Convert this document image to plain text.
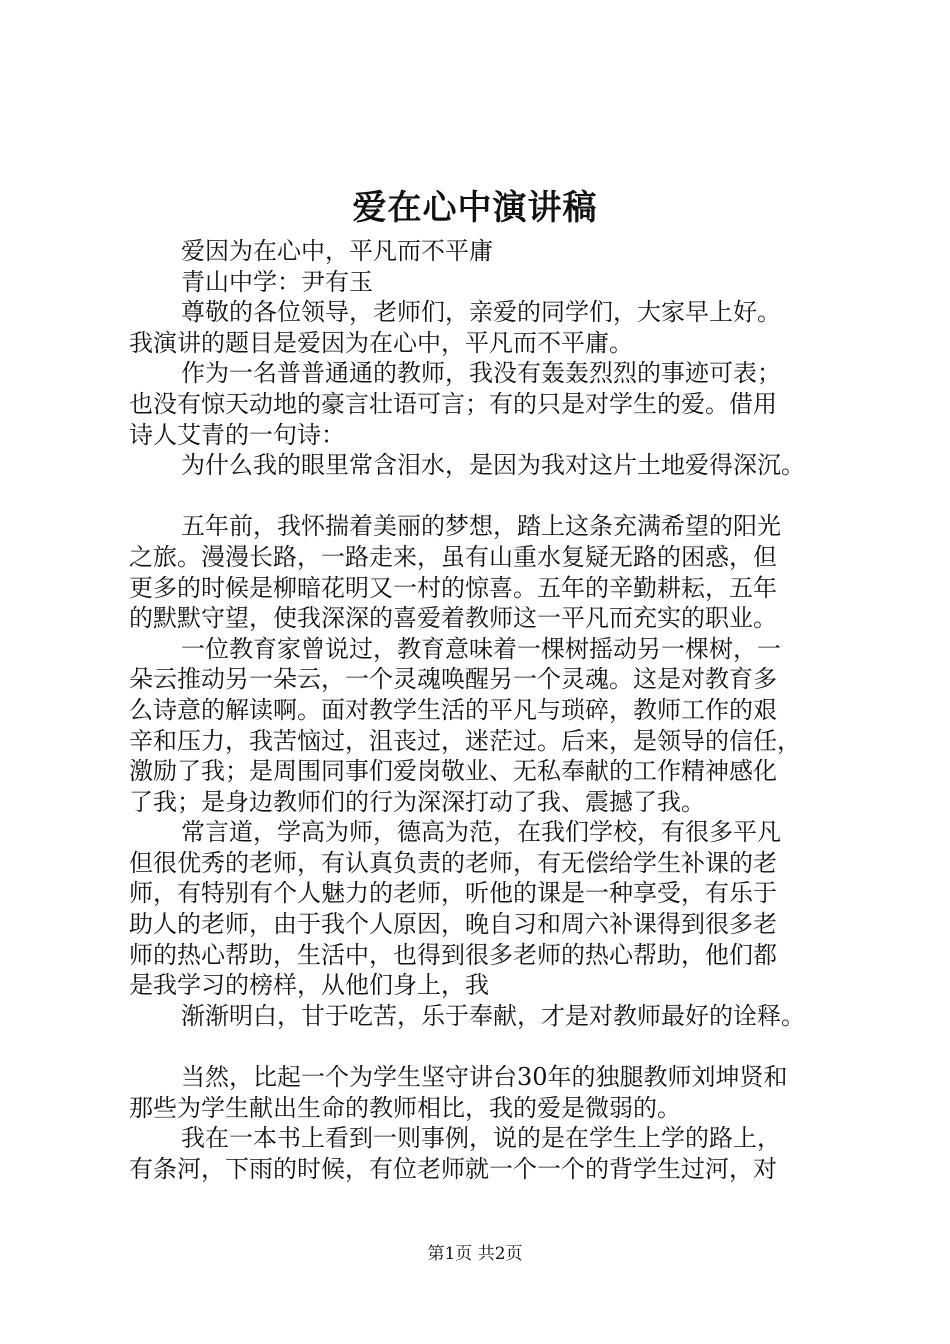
爱在心中演讲稿
爱因为在心中，平凡而不平庸
青山中学：尹有玉
尊敬的各位领导，老师们，亲爱的同学们，大家早上好。
我演讲的题目是爱因为在心中，平凡而不平庸。
作为一名普普通通的教师，我没有轰轰烈烈的事迹可表；
也没有惊天动地的豪言壮语可言；有的只是对学生的爱。借用
诗人艾青的一句诗：
为什么我的眼里常含泪水，是因为我对这片土地爱得深沉。
五年前，我怀揣着美丽的梦想，踏上这条充满希望的阳光
之旅。漫漫长路，一路走来，虽有山重水复疑无路的困惑，但
更多的时候是柳暗花明又一村的惊喜。五年的辛勤耕耘，五年
的默默守望，使我深深的喜爱着教师这一平凡而充实的职业。
一位教育家曾说过，教育意味着一棵树摇动另一棵树，一
朵云推动另一朵云，一个灵魂唤醒另一个灵魂。这是对教育多
么诗意的解读啊。面对教学生活的平凡与琐碎，教师工作的艰
辛和压力，我苦恼过，沮丧过，迷茫过。后来，是领导的信任，
激励了我；是周围同事们爱岗敬业、无私奉献的工作精神感化
了我；是身边教师们的行为深深打动了我、震撼了我。
常言道，学高为师，德高为范，在我们学校，有很多平凡
但很优秀的老师，有认真负责的老师，有无偿给学生补课的老
师，有特别有个人魅力的老师，听他的课是一种享受，有乐于
助人的老师，由于我个人原因，晚自习和周六补课得到很多老
师的热心帮助，生活中，也得到很多老师的热心帮助，他们都
是我学习的榜样，从他们身上，我
渐渐明白，甘于吃苦，乐于奉献，才是对教师最好的诠释。
当然，比起一个为学生坚守讲台30年的独腿教师刘坤贤和
那些为学生献出生命的教师相比，我的爱是微弱的。
我在一本书上看到一则事例，说的是在学生上学的路上，
有条河，下雨的时候，有位老师就一个一个的背学生过河，对
第1页 共2页
